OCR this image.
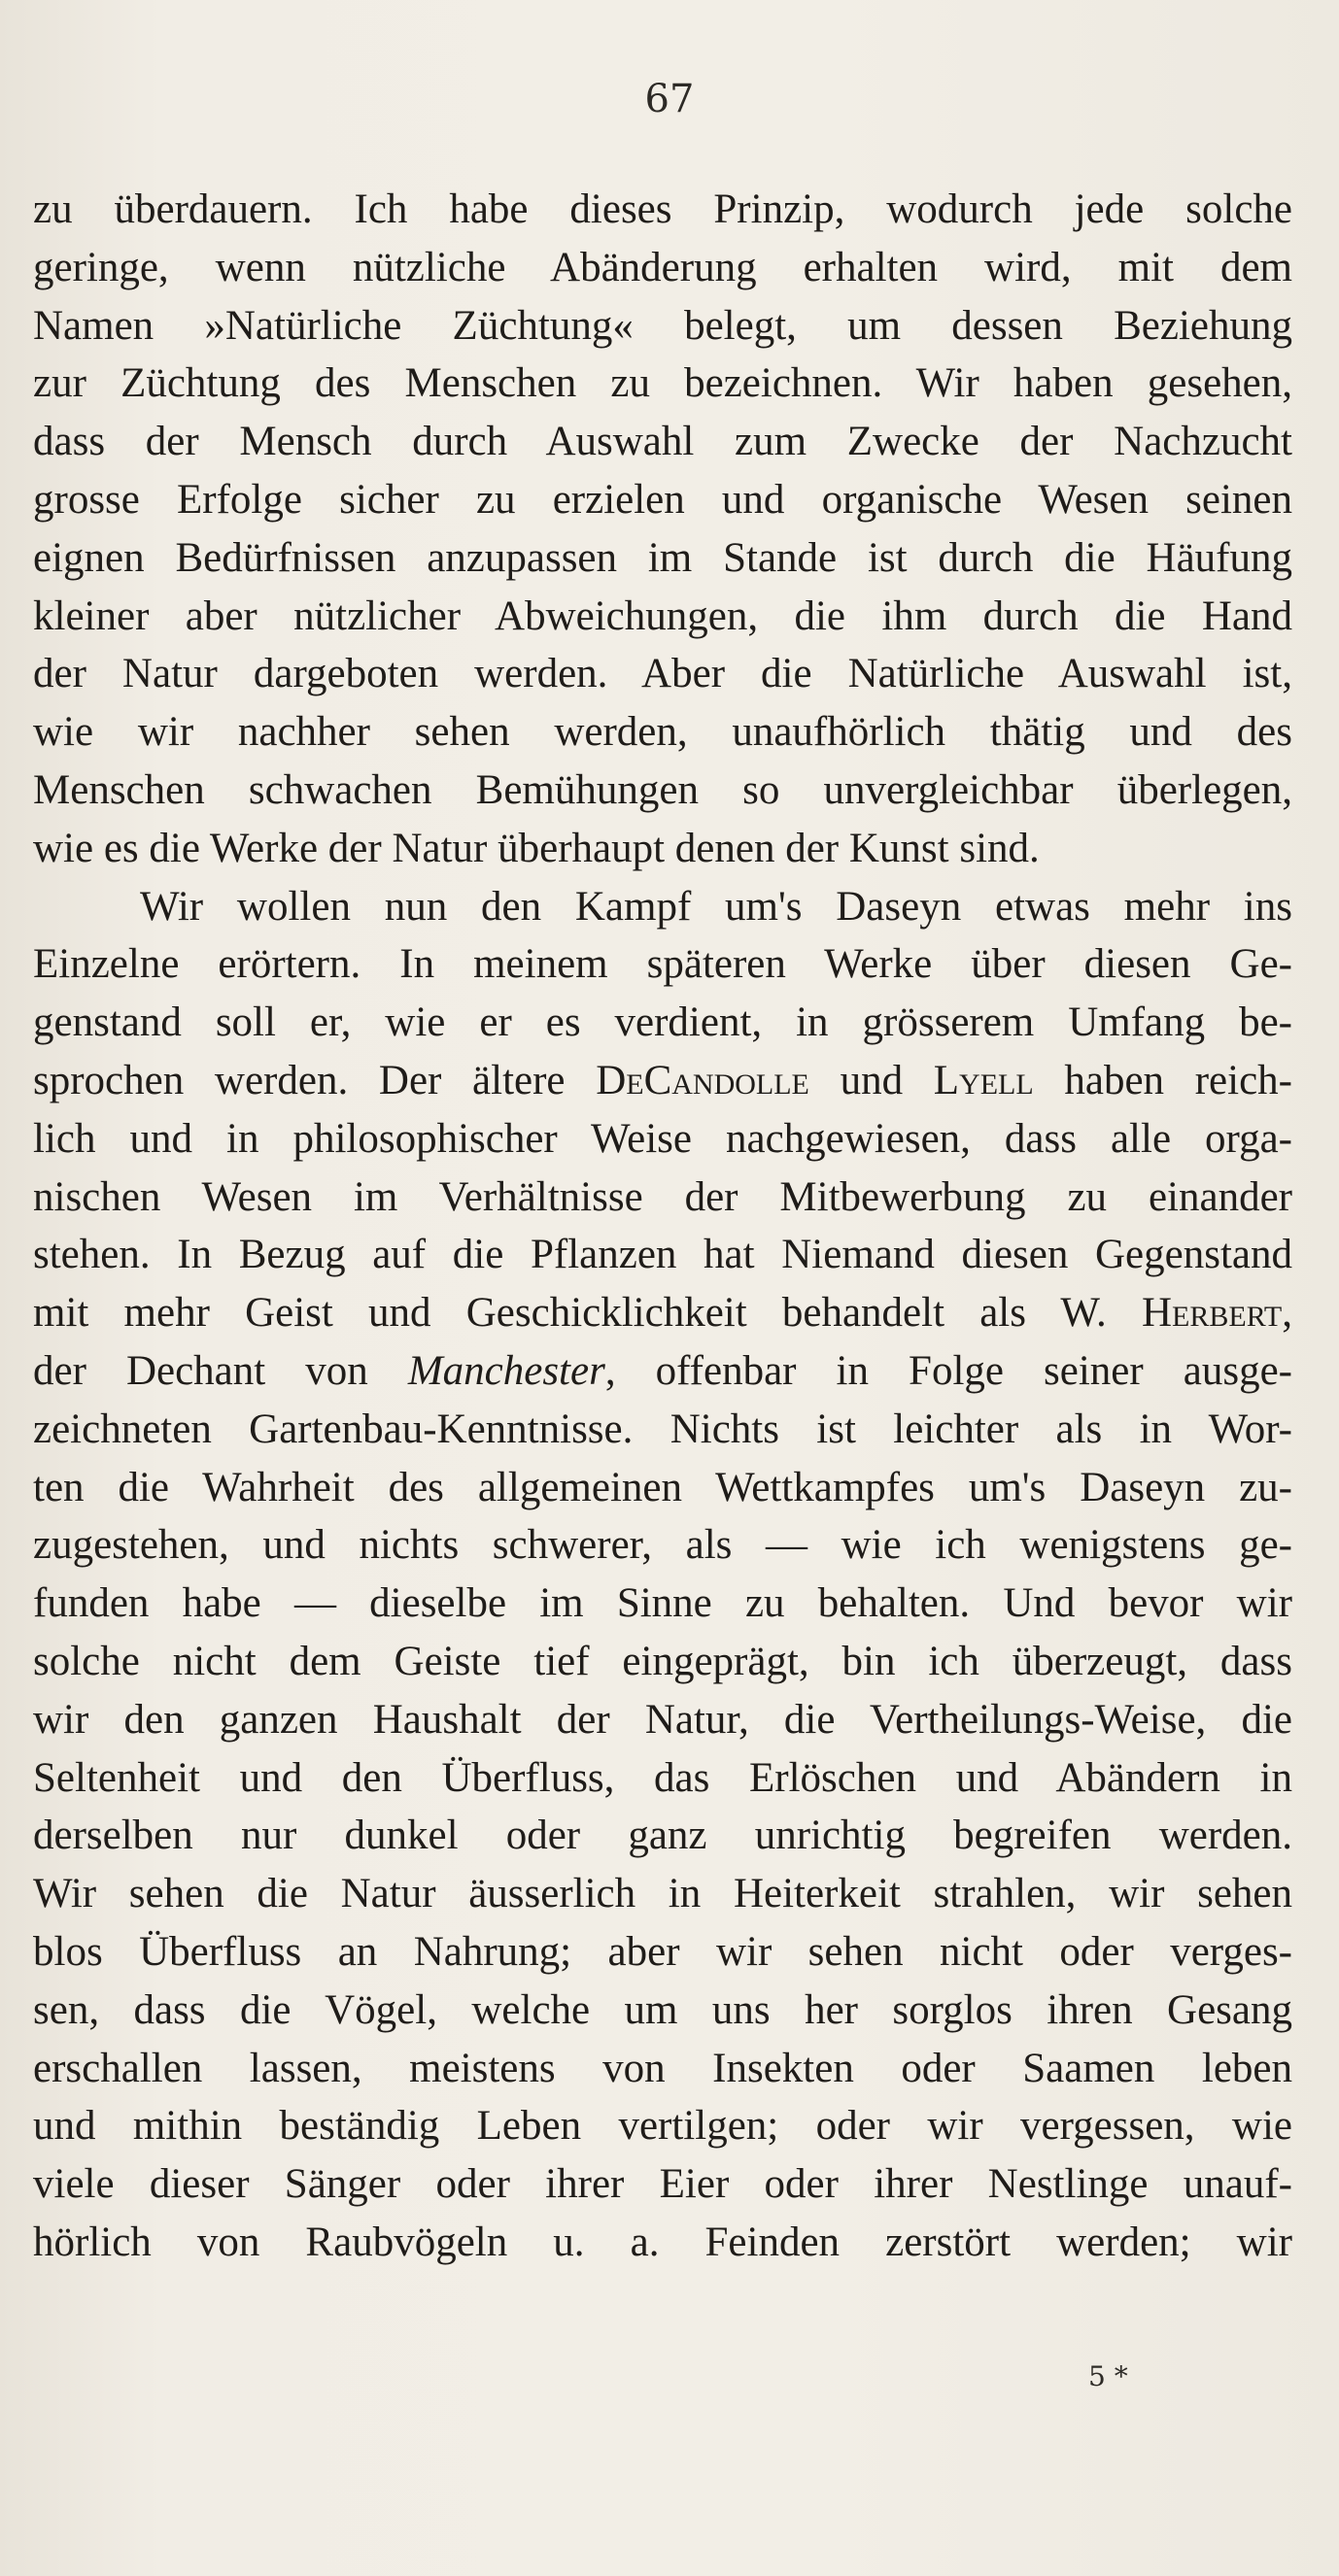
67
zu überdauern. Ich habe dieses Prinzip, wodurch jede solche
geringe, wenn nützliche Abänderung erhalten wird, mit dem
Namen »Natürliche Züchtung« belegt, um dessen Beziehung
zur Züchtung des Menschen zu bezeichnen. Wir haben gesehen,
dass der Mensch durch Auswahl zum Zwecke der Nachzucht
grosse Erfolge sicher zu erzielen und organische Wesen seinen
eignen Bedürfnissen anzupassen im Stande ist durch die Häufung
kleiner aber nützlicher Abweichungen, die ihm durch die Hand
der Natur dargeboten werden. Aber die Natürliche Auswahl ist,
wie wir nachher sehen werden, unaufhörlich thätig und des
Menschen schwachen Bemühungen so unvergleichbar überlegen,
wie es die Werke der Natur überhaupt denen der Kunst sind.
Wir wollen nun den Kampf um's Daseyn etwas mehr ins
Einzelne erörtern. In meinem späteren Werke über diesen Ge-
genstand soll er, wie er es verdient, in grösserem Umfang be-
sprochen werden. Der ältere DeCandolle und Lyell haben reich-
lich und in philosophischer Weise nachgewiesen, dass alle orga-
nischen Wesen im Verhältnisse der Mitbewerbung zu einander
stehen. In Bezug auf die Pflanzen hat Niemand diesen Gegenstand
mit mehr Geist und Geschicklichkeit behandelt als W. Herbert,
der Dechant von Manchester, offenbar in Folge seiner ausge-
zeichneten Gartenbau-Kenntnisse. Nichts ist leichter als in Wor-
ten die Wahrheit des allgemeinen Wettkampfes um's Daseyn zu-
zugestehen, und nichts schwerer, als — wie ich wenigstens ge-
funden habe — dieselbe im Sinne zu behalten. Und bevor wir
solche nicht dem Geiste tief eingeprägt, bin ich überzeugt, dass
wir den ganzen Haushalt der Natur, die Vertheilungs-Weise, die
Seltenheit und den Überfluss, das Erlöschen und Abändern in
derselben nur dunkel oder ganz unrichtig begreifen werden.
Wir sehen die Natur äusserlich in Heiterkeit strahlen, wir sehen
blos Überfluss an Nahrung; aber wir sehen nicht oder verges-
sen, dass die Vögel, welche um uns her sorglos ihren Gesang
erschallen lassen, meistens von Insekten oder Saamen leben
und mithin beständig Leben vertilgen; oder wir vergessen, wie
viele dieser Sänger oder ihrer Eier oder ihrer Nestlinge unauf-
hörlich von Raubvögeln u. a. Feinden zerstört werden; wir
5 *
